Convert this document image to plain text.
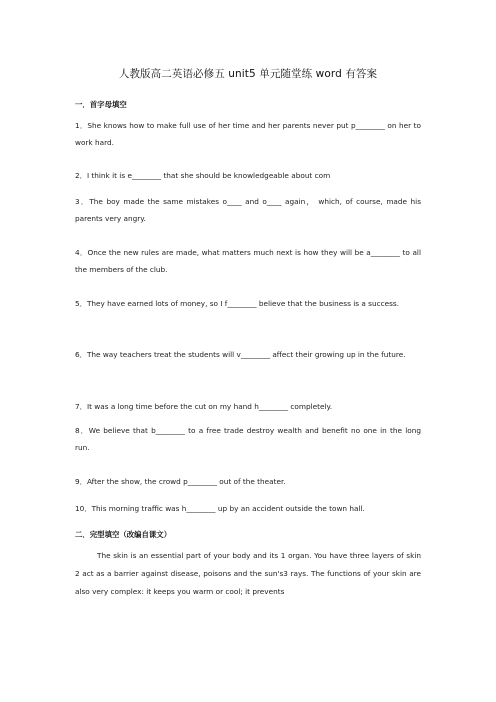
人教版高二英语必修五 unit5 单元随堂练 word 有答案
一．首字母填空
1．She knows how to make full use of her time and her parents never put p________ on her to work hard.
2．I think it is e________ that she should be knowledgeable about com
3．The boy made the same mistakes o____ and o____ again， which, of course, made his parents very angry.
4．Once the new rules are made, what matters much next is how they will be a________ to all the members of the club.
5．They have earned lots of money, so I f________ believe that the business is a success.
6．The way teachers treat the students will v________ affect their growing up in the future.
7．It was a long time before the cut on my hand h________ completely.
8．We believe that b________ to a free trade destroy wealth and benefit no one in the long run.
9．After the show, the crowd p________ out of the theater.
10．This morning traffic was h________ up by an accident outside the town hall.
二．完型填空（改编自课文）
The skin is an essential part of your body and its 1 organ. You have three layers of skin 2 act as a barrier against disease, poisons and the sun's3 rays. The functions of your skin are also very complex: it keeps you warm or cool; it prevents
